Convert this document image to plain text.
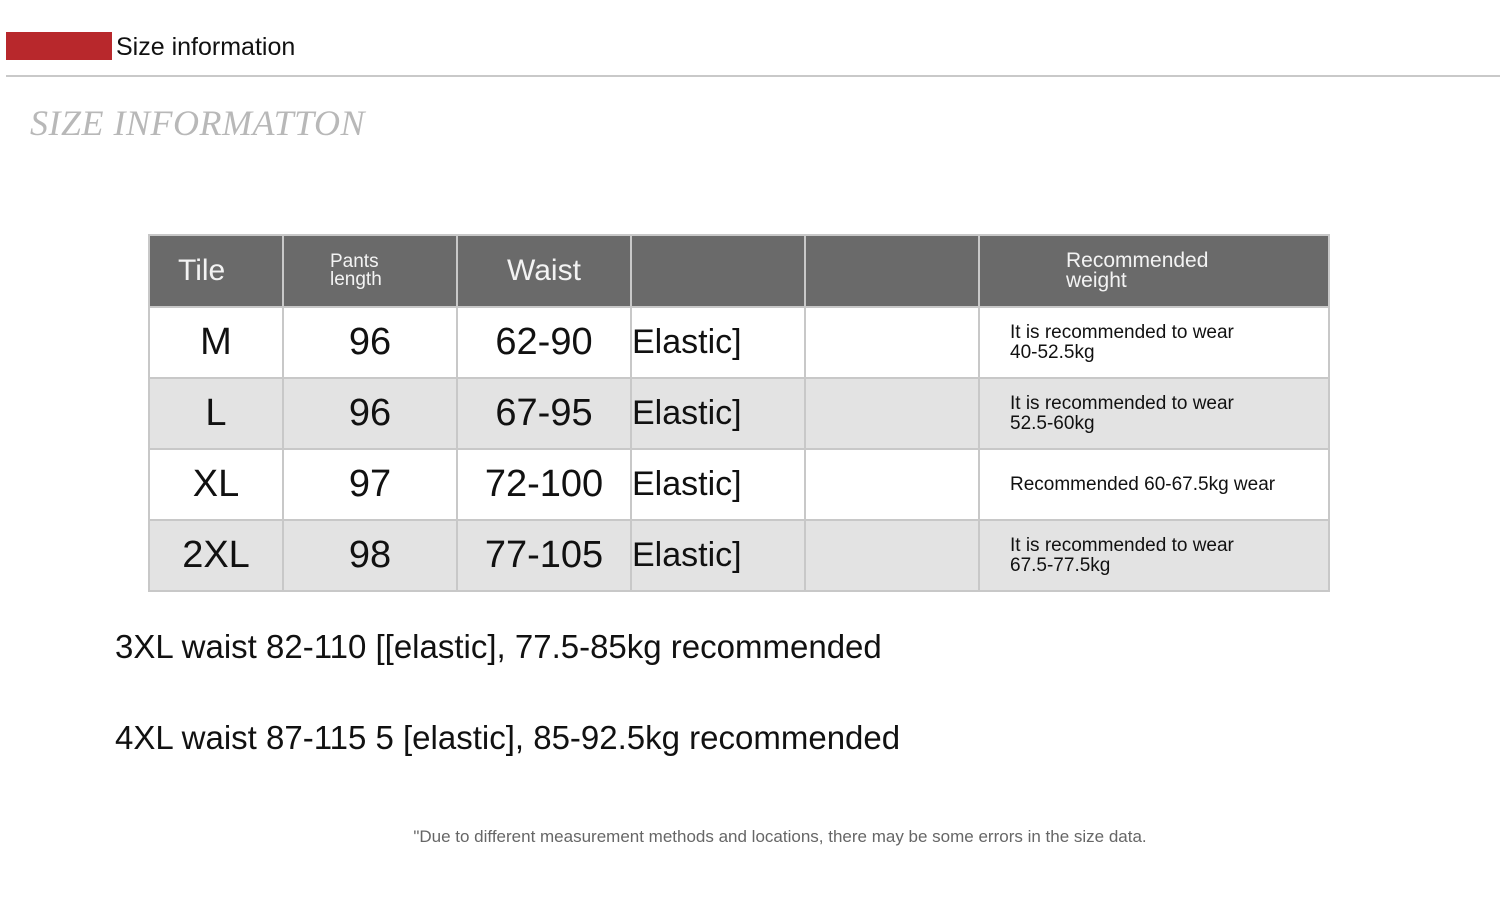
Size information
SIZE INFORMATTON
Tile	Pants length	Waist			Recommended weight

M	96	62-90	Elastic]		It is recommended to wear 40-52.5kg

L	96	67-95	Elastic]		It is recommended to wear 52.5-60kg

XL	97	72-100	Elastic]		Recommended 60-67.5kg wear

2XL	98	77-105	Elastic]		It is recommended to wear 67.5-77.5kg
3XL waist 82-110 [[elastic], 77.5-85kg recommended
4XL waist 87-115 5 [elastic], 85-92.5kg recommended
"Due to different measurement methods and locations, there may be some errors in the size data.
